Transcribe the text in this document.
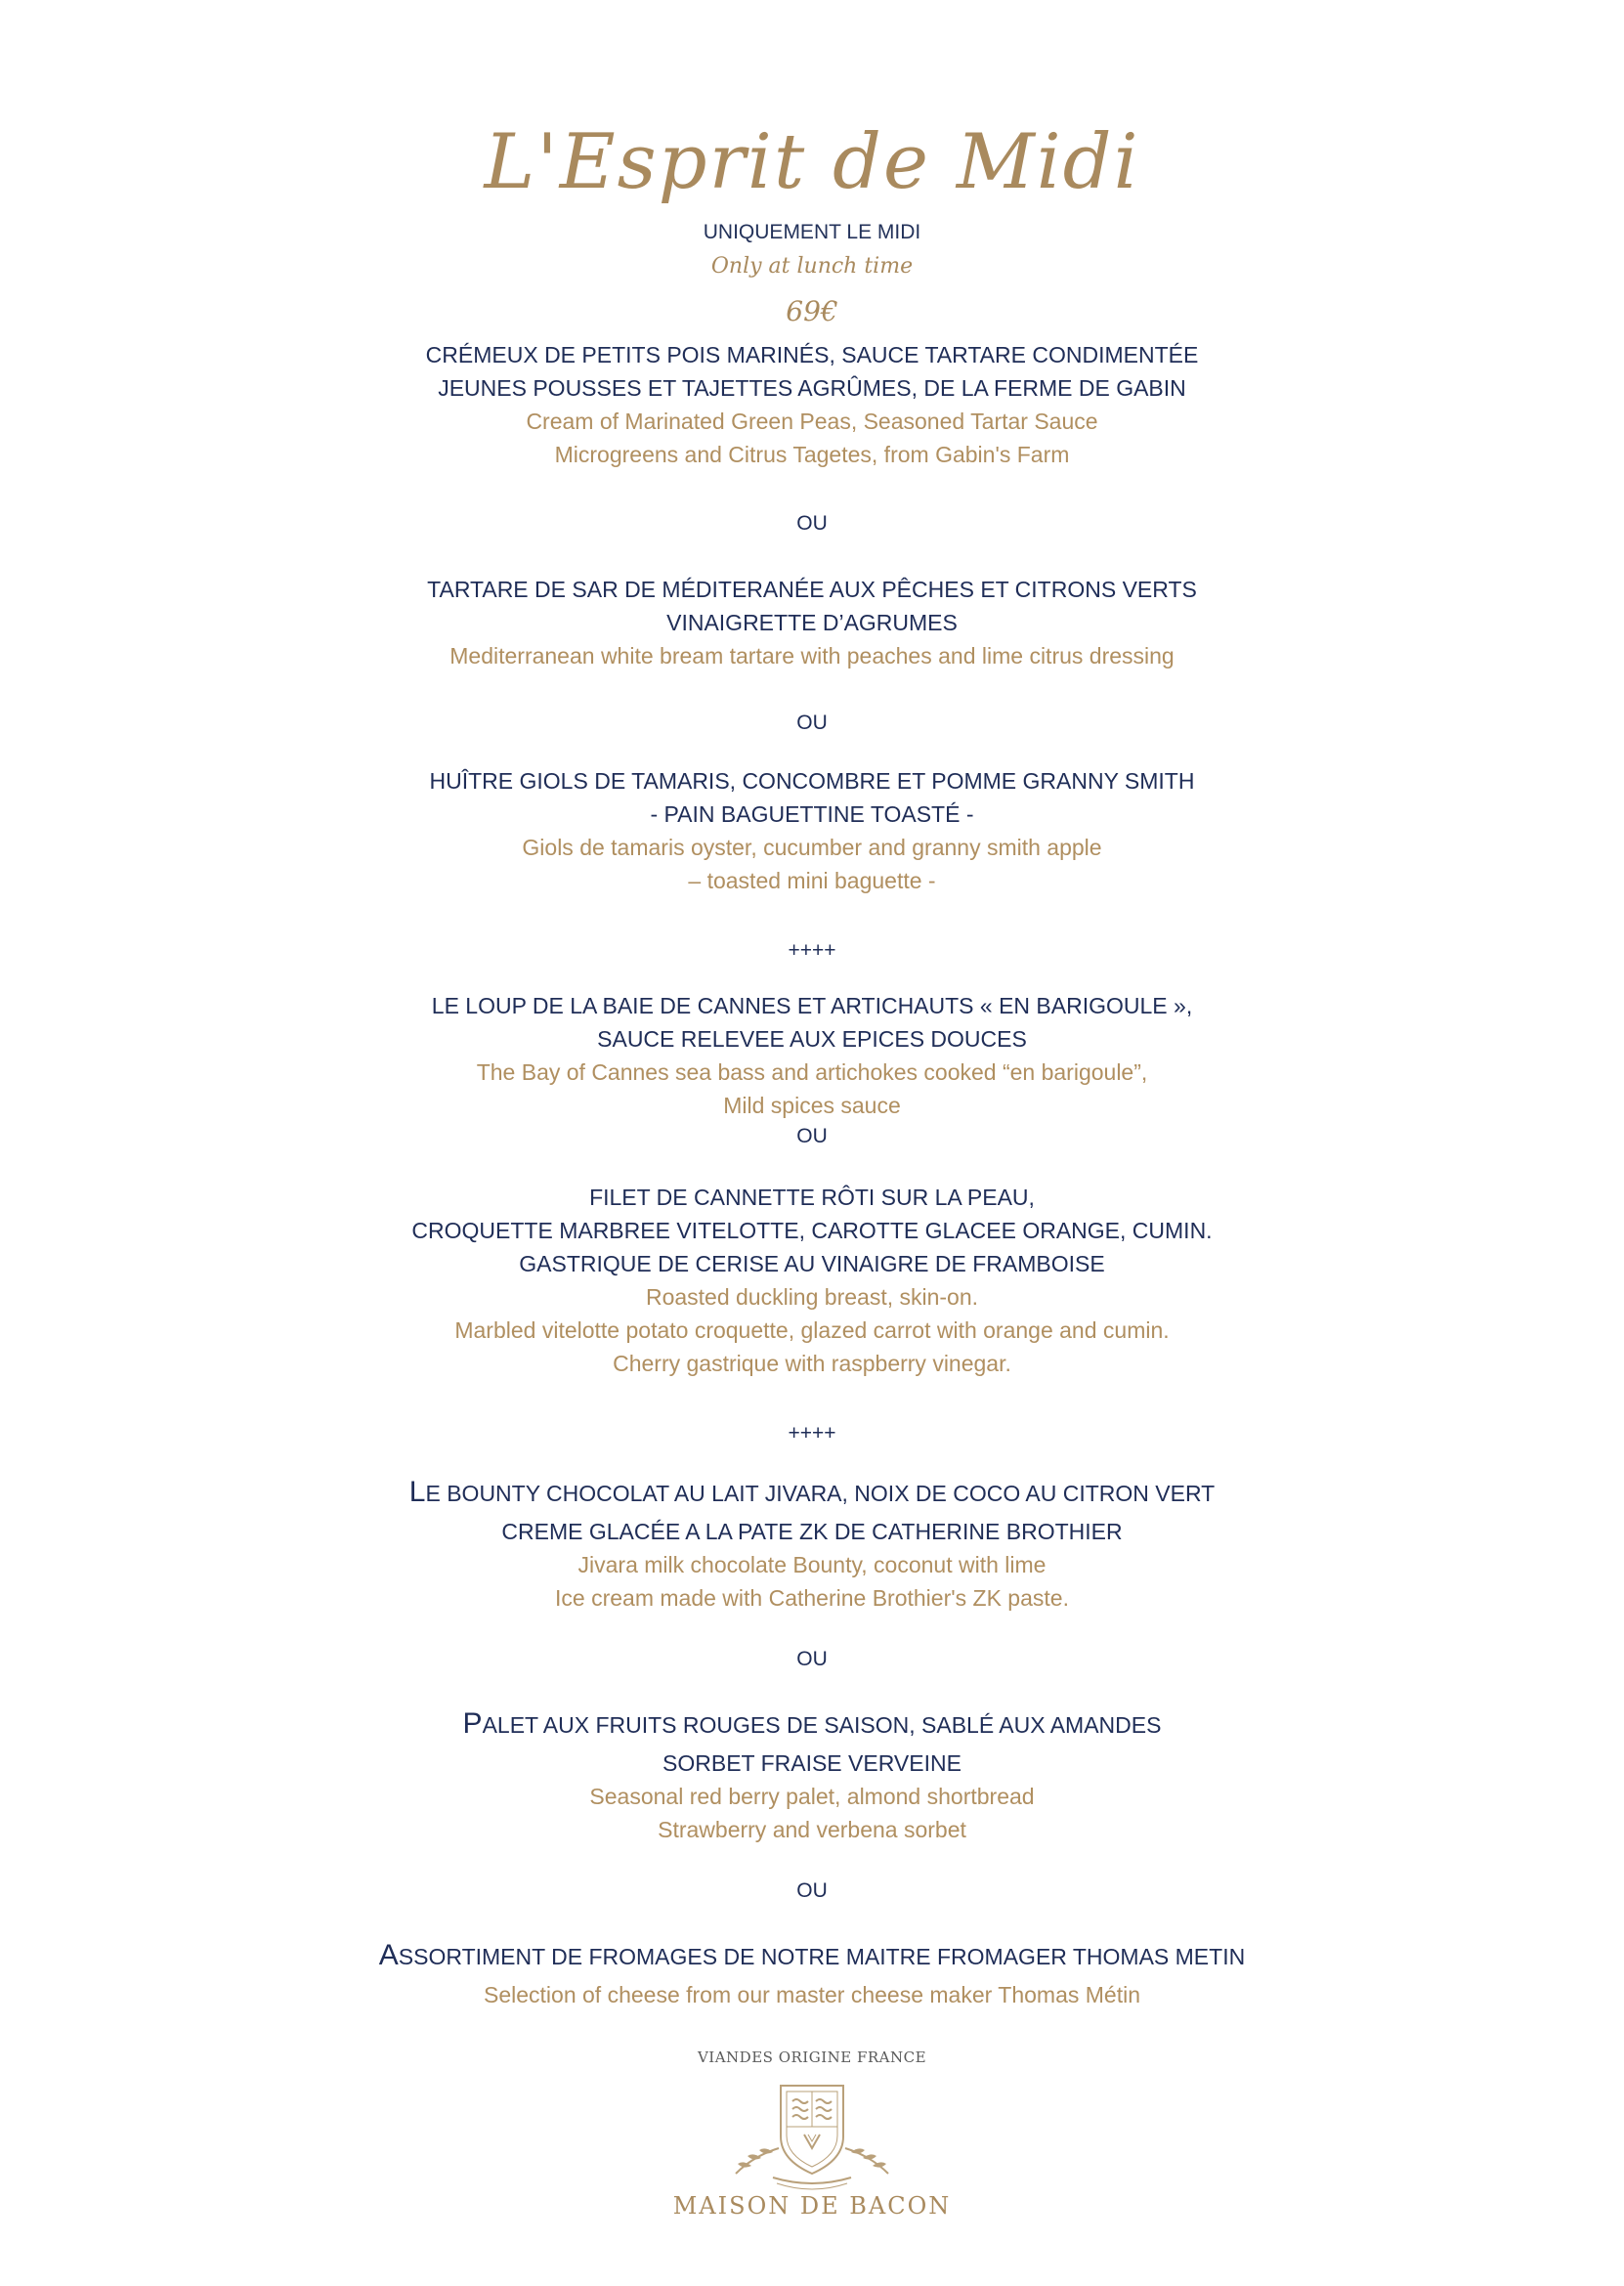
L'Esprit de Midi
UNIQUEMENT LE MIDI
Only at lunch time
69€
CRÉMEUX DE PETITS POIS MARINÉS, SAUCE TARTARE CONDIMENTÉE
JEUNES POUSSES ET TAJETTES AGRÛMES, DE LA FERME DE GABIN
Cream of Marinated Green Peas, Seasoned Tartar Sauce
Microgreens and Citrus Tagetes, from Gabin's Farm
OU
TARTARE DE SAR DE MÉDITERANÉE AUX PÊCHES ET CITRONS VERTS
VINAIGRETTE D’AGRUMES
Mediterranean white bream tartare with peaches and lime citrus dressing
OU
HUÎTRE GIOLS DE TAMARIS, CONCOMBRE ET POMME GRANNY SMITH
- PAIN BAGUETTINE TOASTÉ -
Giols de tamaris oyster, cucumber and granny smith apple
– toasted mini baguette -
++++
LE LOUP DE LA BAIE DE CANNES ET ARTICHAUTS « EN BARIGOULE »,
SAUCE RELEVEE AUX EPICES DOUCES
The Bay of Cannes sea bass and artichokes cooked “en barigoule”,
Mild spices sauce
OU
FILET DE CANNETTE RÔTI SUR LA PEAU,
CROQUETTE MARBREE VITELOTTE, CAROTTE GLACEE ORANGE, CUMIN.
GASTRIQUE DE CERISE AU VINAIGRE DE FRAMBOISE
Roasted duckling breast, skin-on.
Marbled vitelotte potato croquette, glazed carrot with orange and cumin.
Cherry gastrique with raspberry vinegar.
++++
LE BOUNTY CHOCOLAT AU LAIT JIVARA, NOIX DE COCO AU CITRON VERT
CREME GLACÉE A LA PATE ZK DE CATHERINE BROTHIER
Jivara milk chocolate Bounty, coconut with lime
Ice cream made with Catherine Brothier's ZK paste.
OU
PALET AUX FRUITS ROUGES DE SAISON, SABLÉ AUX AMANDES
SORBET FRAISE VERVEINE
Seasonal red berry palet, almond shortbread
Strawberry and verbena sorbet
OU
ASSORTIMENT DE FROMAGES DE NOTRE MAITRE FROMAGER THOMAS METIN
Selection of cheese from our master cheese maker Thomas Métin
VIANDES ORIGINE FRANCE
MAISON DE BACON
